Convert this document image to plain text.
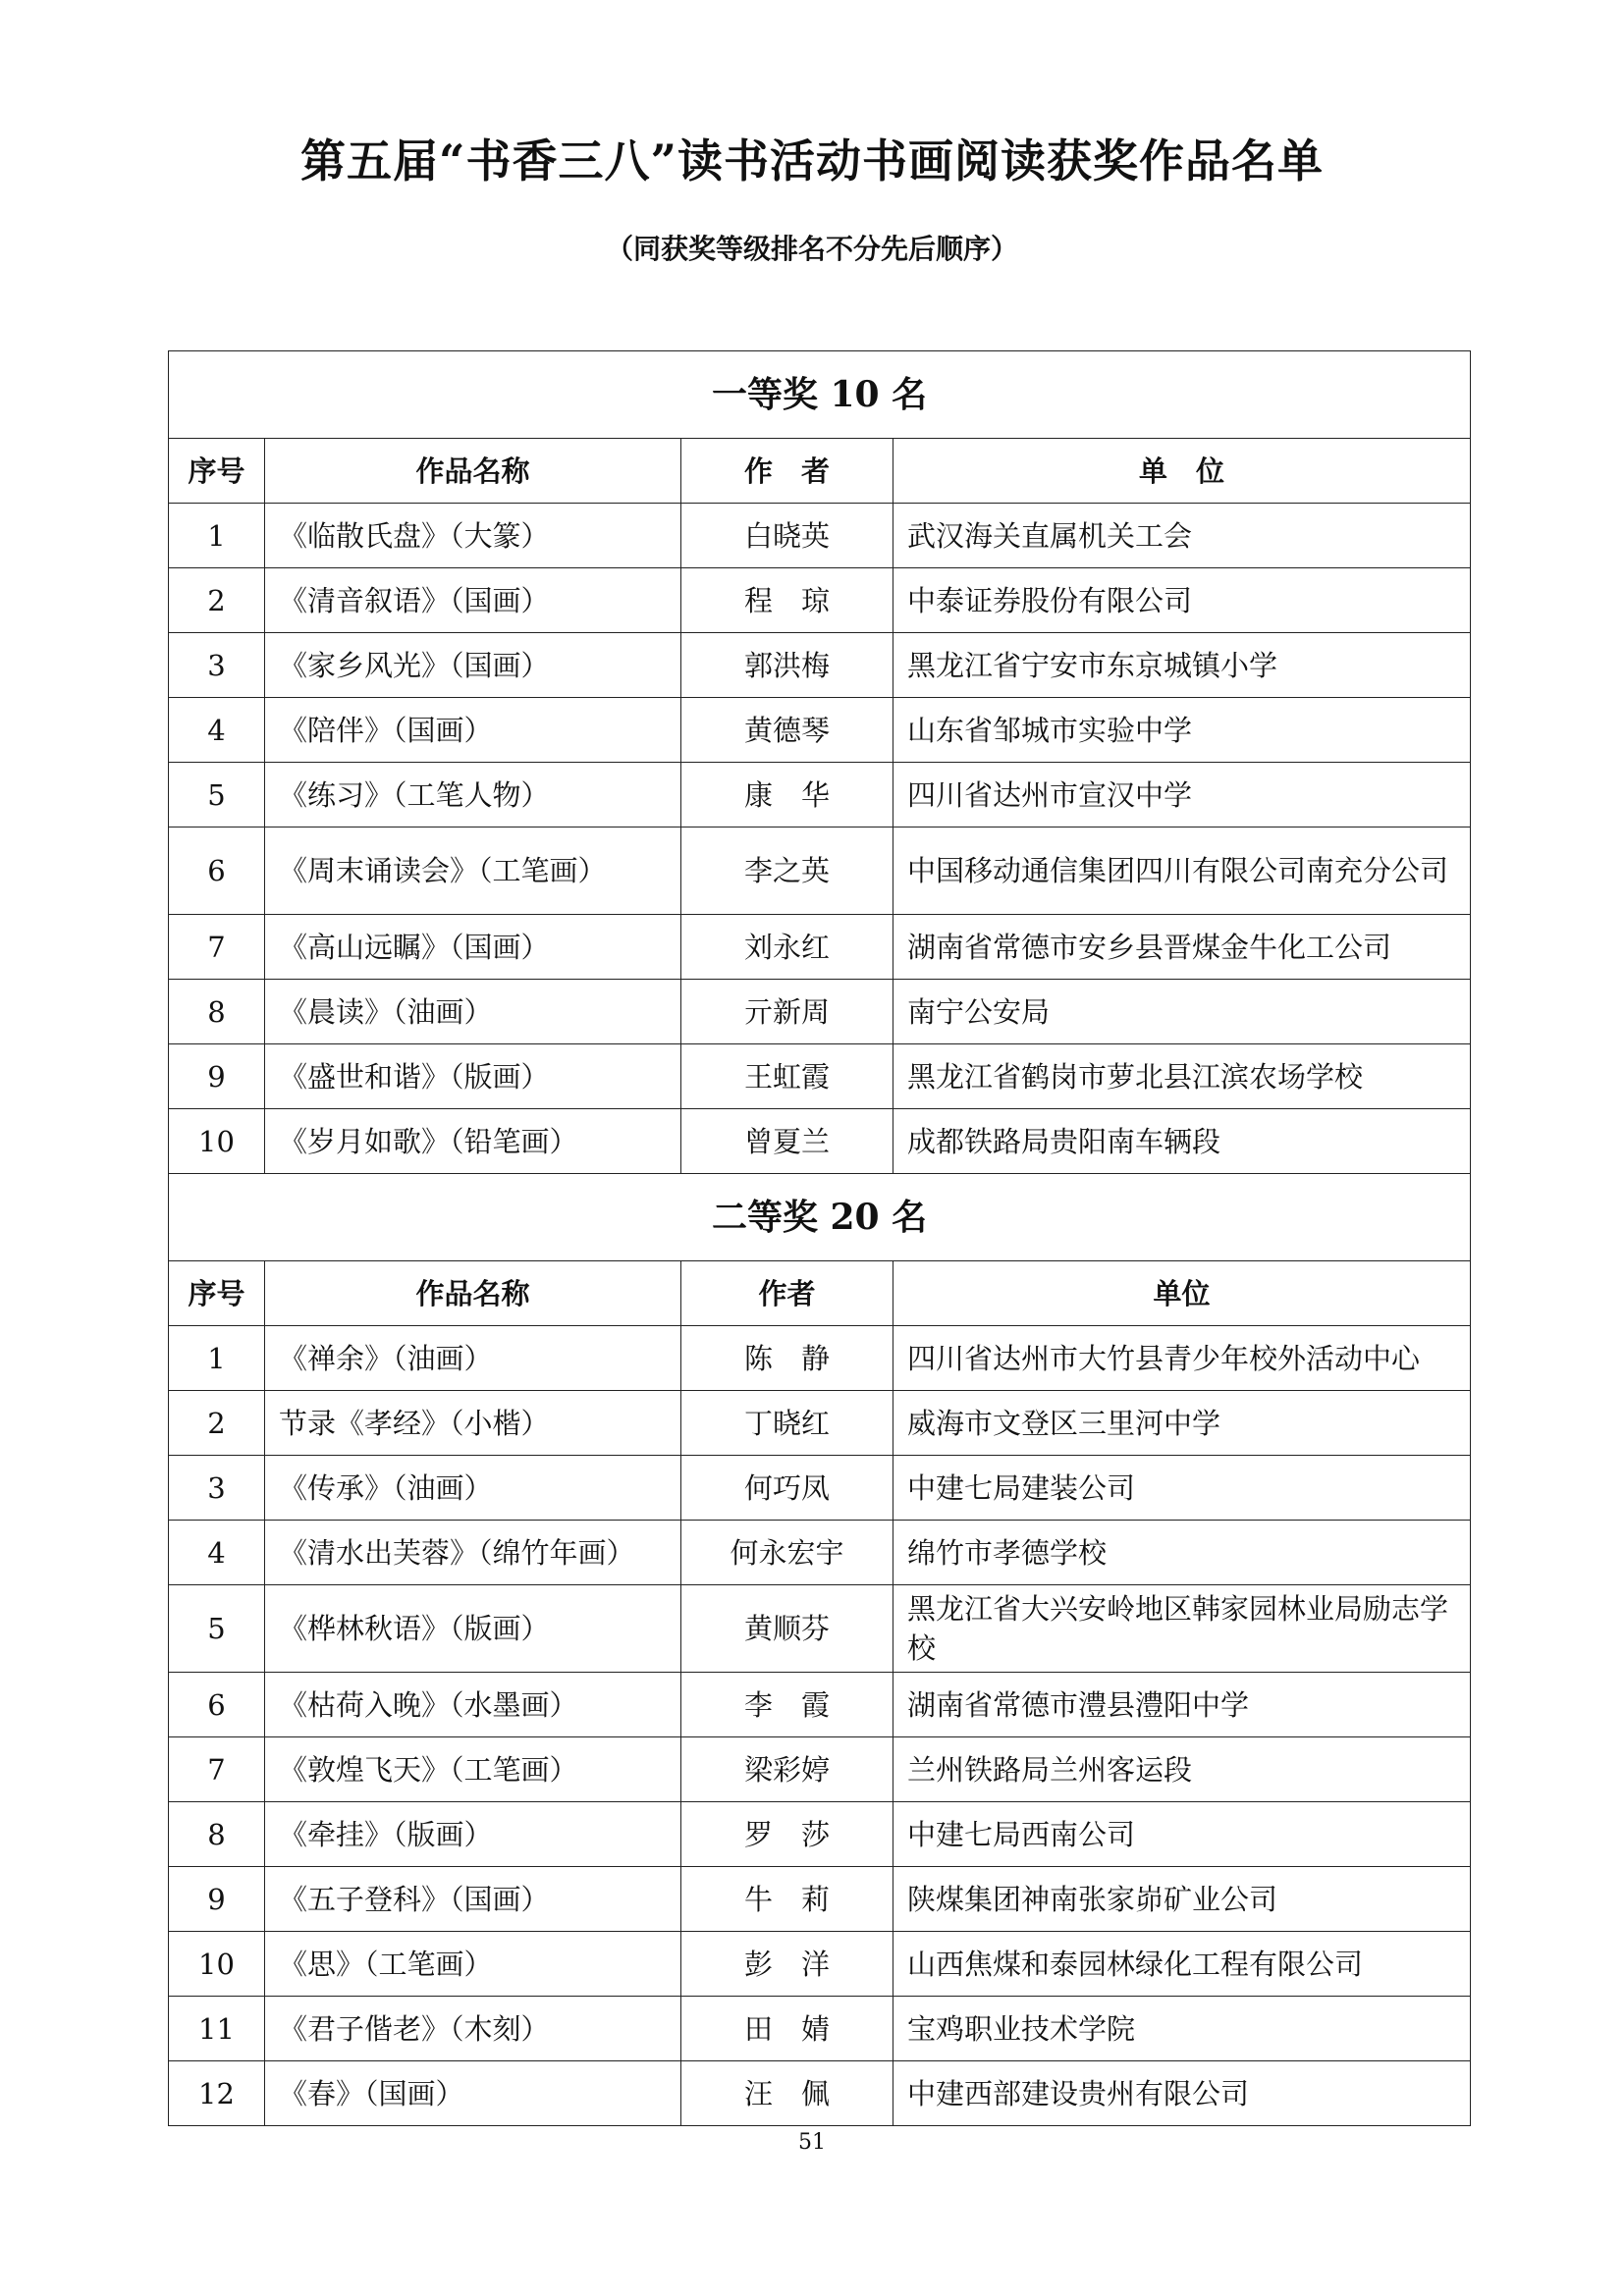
第五届“书香三八”读书活动书画阅读获奖作品名单
（同获奖等级排名不分先后顺序）
一等奖 10 名			
序号	作品名称	作　者	单　位
1	《临散氏盘》（大篆）	白晓英	武汉海关直属机关工会
2	《清音叙语》（国画）	程　琼	中泰证券股份有限公司
3	《家乡风光》（国画）	郭洪梅	黑龙江省宁安市东京城镇小学
4	《陪伴》（国画）	黄德琴	山东省邹城市实验中学
5	《练习》（工笔人物）	康　华	四川省达州市宣汉中学
6	《周末诵读会》（工笔画）	李之英	中国移动通信集团四川有限公司南充分公司
7	《高山远瞩》（国画）	刘永红	湖南省常德市安乡县晋煤金牛化工公司
8	《晨读》（油画）	亓新周	南宁公安局
9	《盛世和谐》（版画）	王虹霞	黑龙江省鹤岗市萝北县江滨农场学校
10	《岁月如歌》（铅笔画）	曾夏兰	成都铁路局贵阳南车辆段
二等奖 20 名			
序号	作品名称	作者	单位
1	《禅余》（油画）	陈　静	四川省达州市大竹县青少年校外活动中心
2	节录《孝经》（小楷）	丁晓红	威海市文登区三里河中学
3	《传承》（油画）	何巧凤	中建七局建装公司
4	《清水出芙蓉》（绵竹年画）	何永宏宇	绵竹市孝德学校
5	《桦林秋语》（版画）	黄顺芬	黑龙江省大兴安岭地区韩家园林业局励志学校
6	《枯荷入晚》（水墨画）	李　霞	湖南省常德市澧县澧阳中学
7	《敦煌飞天》（工笔画）	梁彩婷	兰州铁路局兰州客运段
8	《牵挂》（版画）	罗　莎	中建七局西南公司
9	《五子登科》（国画）	牛　莉	陕煤集团神南张家峁矿业公司
10	《思》（工笔画）	彭　洋	山西焦煤和泰园林绿化工程有限公司
11	《君子偕老》（木刻）	田　婧	宝鸡职业技术学院
12	《春》（国画）	汪　佩	中建西部建设贵州有限公司
51
